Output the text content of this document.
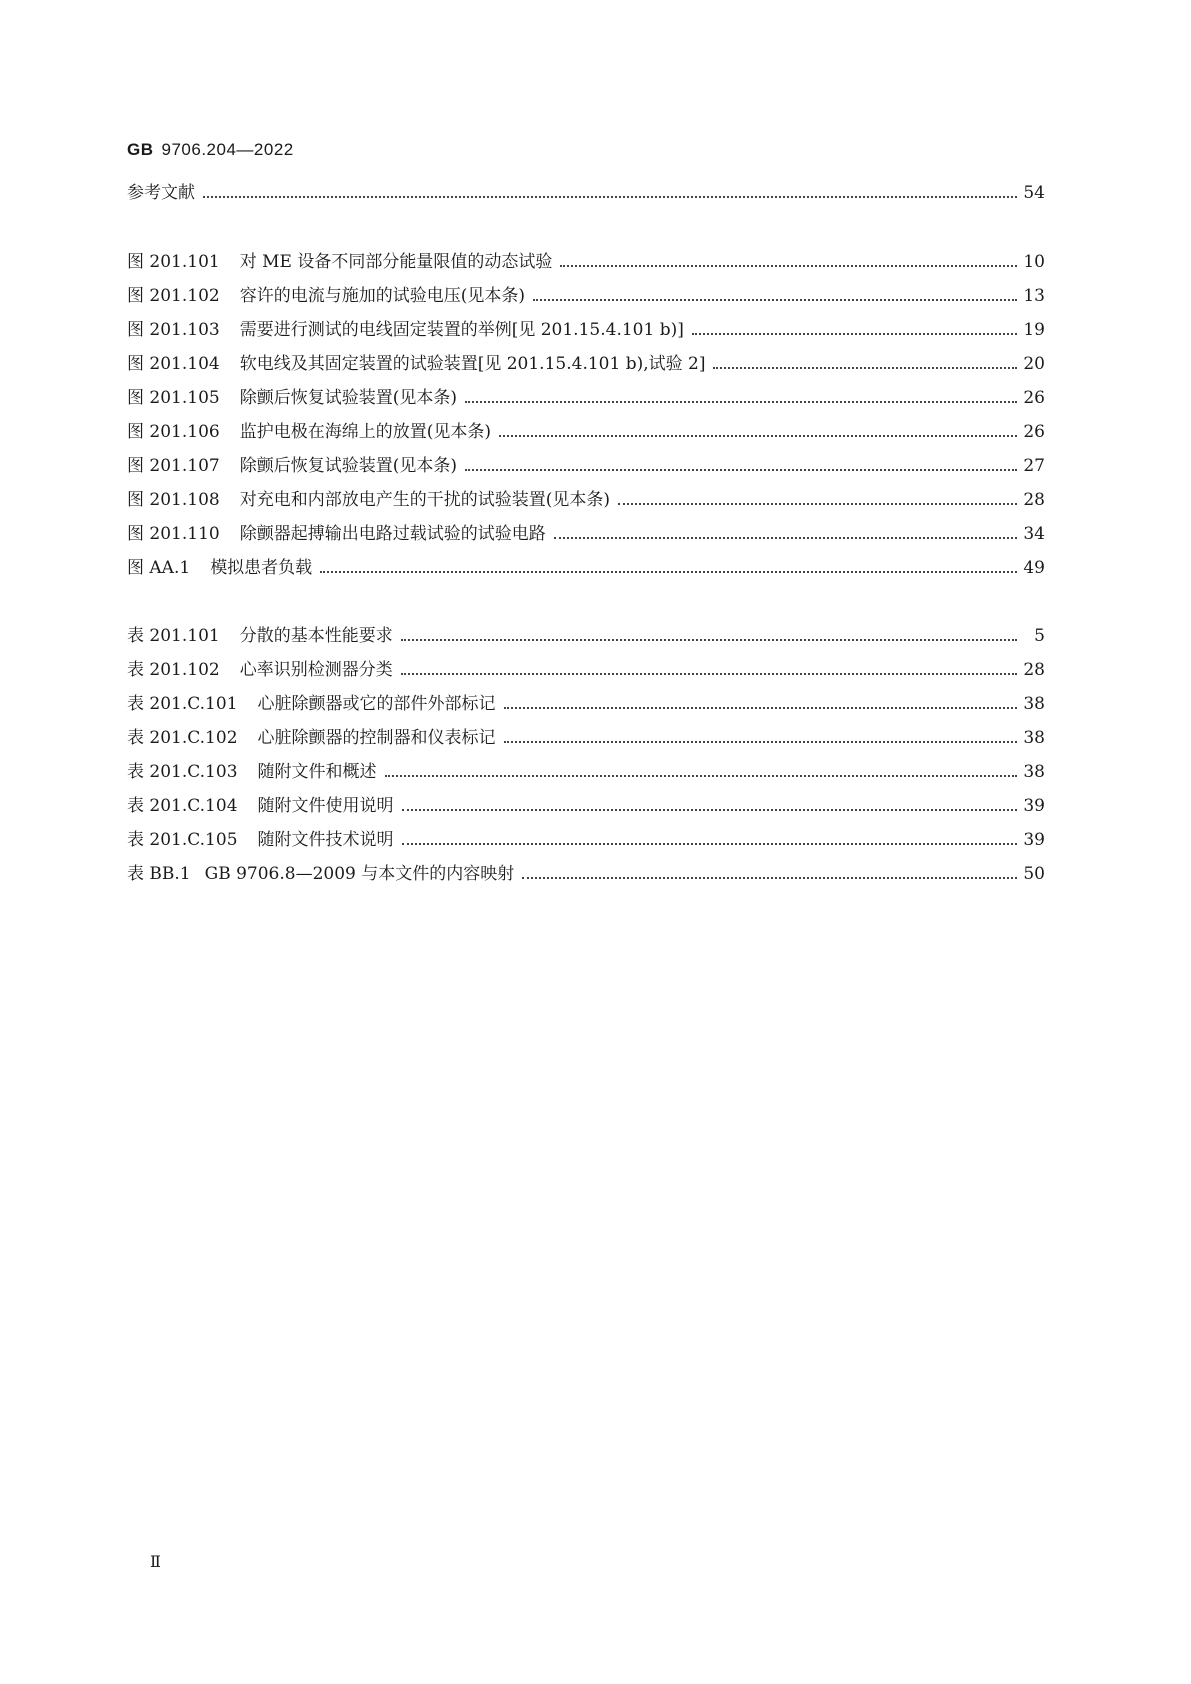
GB 9706.204—2022
参考文献	54
图 201.101 对 ME 设备不同部分能量限值的动态试验	10
图 201.102 容许的电流与施加的试验电压(见本条)	13
图 201.103 需要进行测试的电线固定装置的举例[见 201.15.4.101 b)]	19
图 201.104 软电线及其固定装置的试验装置[见 201.15.4.101 b),试验 2]	20
图 201.105 除颤后恢复试验装置(见本条)	26
图 201.106 监护电极在海绵上的放置(见本条)	26
图 201.107 除颤后恢复试验装置(见本条)	27
图 201.108 对充电和内部放电产生的干扰的试验装置(见本条)	28
图 201.110 除颤器起搏输出电路过载试验的试验电路	34
图 AA.1 模拟患者负载	49
表 201.101 分散的基本性能要求	5
表 201.102 心率识别检测器分类	28
表 201.C.101 心脏除颤器或它的部件外部标记	38
表 201.C.102 心脏除颤器的控制器和仪表标记	38
表 201.C.103 随附文件和概述	38
表 201.C.104 随附文件使用说明	39
表 201.C.105 随附文件技术说明	39
表 BB.1 GB 9706.8—2009 与本文件的内容映射	50
Ⅱ
